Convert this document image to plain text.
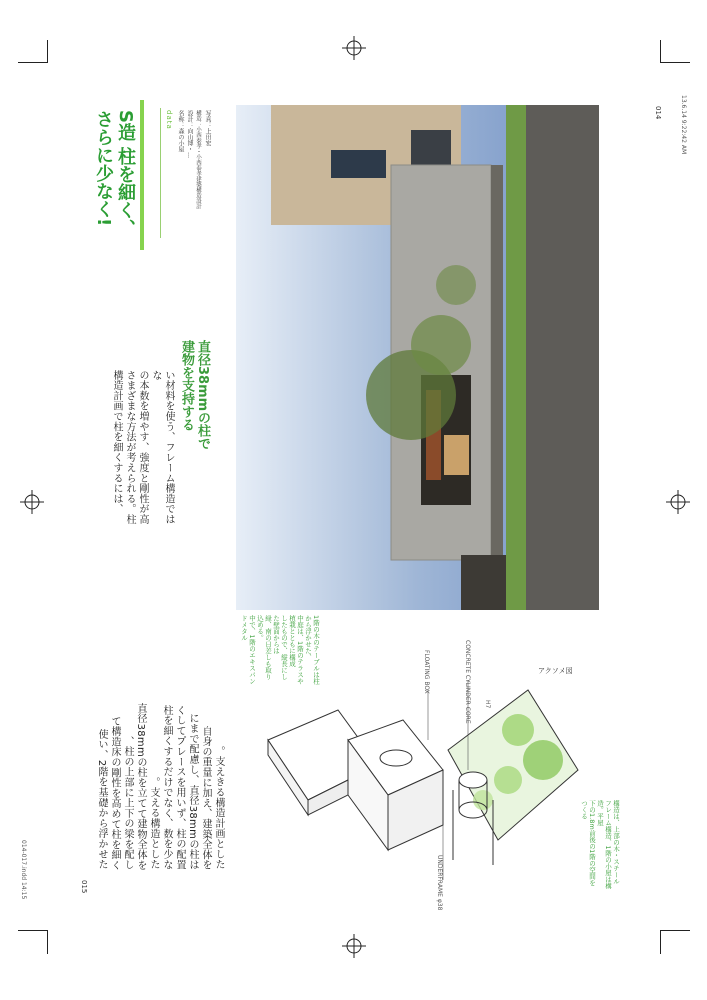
13.6.14 9:22:42 AM
014
015
014-017.indd 14:15
S造 柱を細く、
さらに少なく!	data 名称：森の小屋 設計：向山博・… 構造：小西泰孝・小西泰孝建築構造設計 写真：上田宏
直径38mmの柱で
建物を支持する
い材料を使う、フレーム構造ではな
の本数を増やす、強度と剛性が高
さまざまな方法が考えられる。柱
構造計画で柱を細くするには、
支えきる構造計画とした。
自身の重量に加え、建築全体を
にまで配慮し、直径38mmの柱は
くしてプレースを用いず、柱の配置
柱を細くするだけでなく、数を少な
支える構造とした。
直径38mmの柱を立てて建物全体を
柱の上部に上下の梁を配し、
て構造床の剛性を高めて柱を細く
使い、2階を基礎から浮かせた
1階の木のテーブルは柱から浮かせた、
中庭は、1階のテラスや植栽とともに構成
したもので、縦長にした壁面からは
緑、南の日差しも取り込める。
中で、1階のエキスパンドメタル
FLOATING BOX	CONCRETE CYLINDER CORE H7
UNDERFRAME φ38
アクソメ図
構造は、上部の木・スチールフレーム構造、1階の小屋は構造。平屋
下の1.8m前後の1階の空間をつくる
